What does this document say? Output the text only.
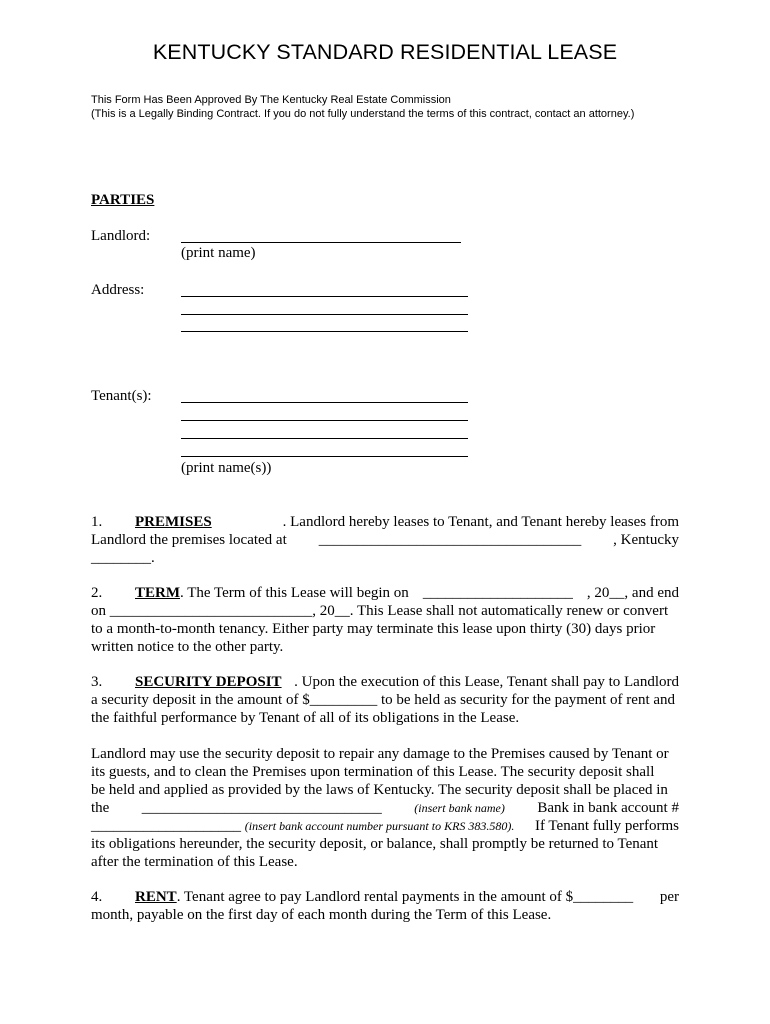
KENTUCKY STANDARD RESIDENTIAL LEASE
This Form Has Been Approved By The Kentucky Real Estate Commission
(This is a Legally Binding Contract. If you do not fully understand the terms of this contract, contact an attorney.)
PARTIES
Landlord:
(print name)
Address:
Tenant(s):
(print name(s))
1. PREMISES	. Landlord hereby leases to Tenant, and Tenant hereby leases from
Landlord the premises located at ___________________________________ , Kentucky
________.
2. TERM. The Term of this Lease will begin on ____________________ , 20__, and end
on ___________________________, 20__. This Lease shall not automatically renew or convert
to a month-to-month tenancy. Either party may terminate this lease upon thirty (30) days prior
written notice to the other party.
3. SECURITY DEPOSIT . Upon the execution of this Lease, Tenant shall pay to Landlord
a security deposit in the amount of $_________ to be held as security for the payment of rent and
the faithful performance by Tenant of all of its obligations in the Lease.
Landlord may use the security deposit to repair any damage to the Premises caused by Tenant or
its guests, and to clean the Premises upon termination of this Lease. The security deposit shall
be held and applied as provided by the laws of Kentucky. The security deposit shall be placed in
the ________________________________	(insert bank name) Bank in bank account #
____________________ (insert bank account number pursuant to KRS 383.580). If Tenant fully performs
its obligations hereunder, the security deposit, or balance, shall promptly be returned to Tenant
after the termination of this Lease.
4. RENT. Tenant agree to pay Landlord rental payments in the amount of $________ per
month, payable on the first day of each month during the Term of this Lease.
